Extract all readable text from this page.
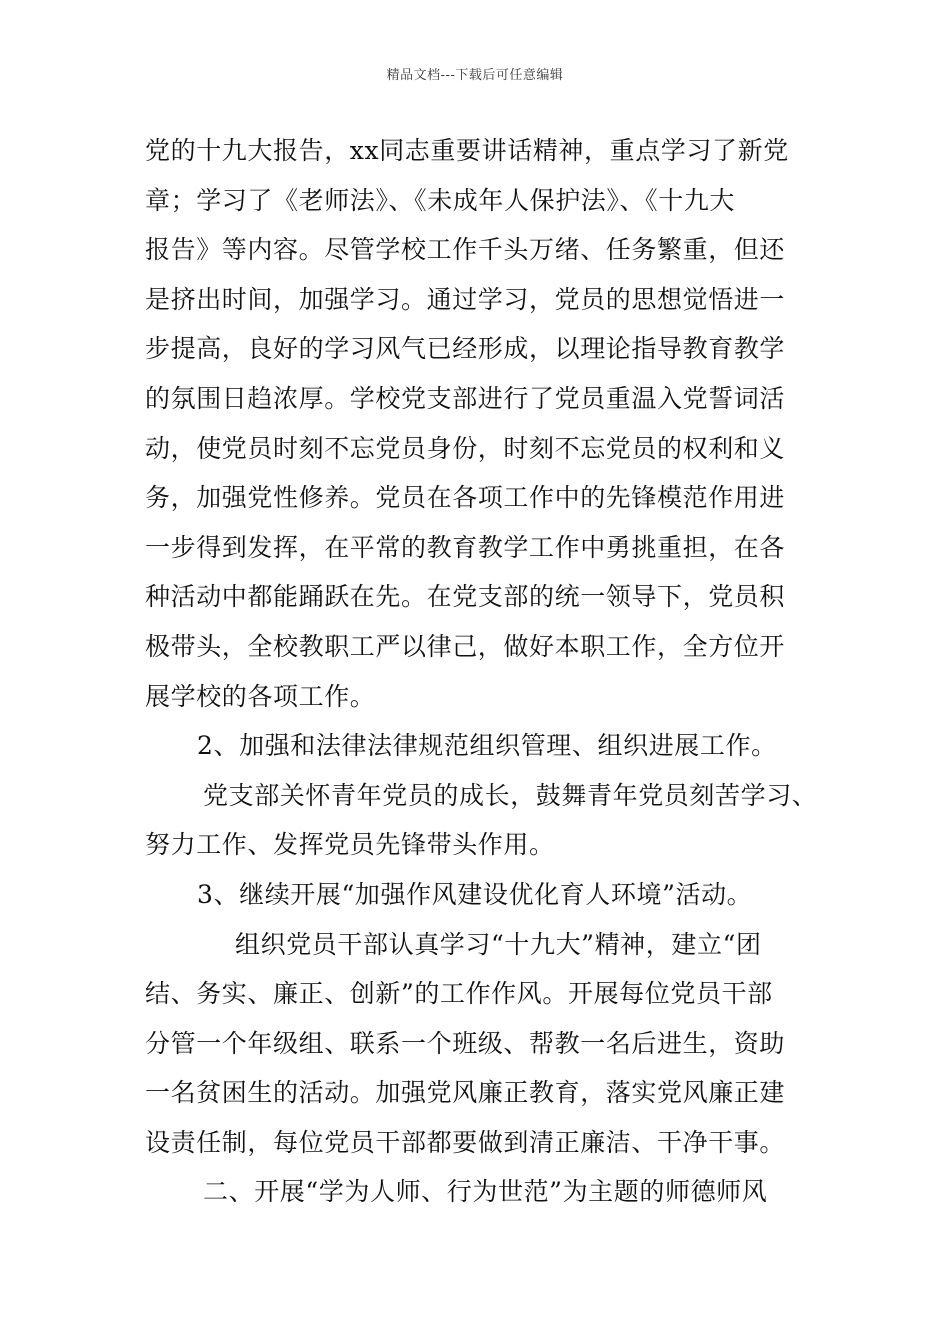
精品文档---下载后可任意编辑
党的十九大报告，xx同志重要讲话精神，重点学习了新党
章；学习了《老师法》、《未成年人保护法》、《十九大
报告》等内容。尽管学校工作千头万绪、任务繁重，但还
是挤出时间，加强学习。通过学习，党员的思想觉悟进一
步提高，良好的学习风气已经形成，以理论指导教育教学
的氛围日趋浓厚。学校党支部进行了党员重温入党誓词活
动，使党员时刻不忘党员身份，时刻不忘党员的权利和义
务，加强党性修养。党员在各项工作中的先锋模范作用进
一步得到发挥，在平常的教育教学工作中勇挑重担，在各
种活动中都能踊跃在先。在党支部的统一领导下，党员积
极带头，全校教职工严以律己，做好本职工作，全方位开
展学校的各项工作。
2、加强和法律法律规范组织管理、组织进展工作。
党支部关怀青年党员的成长，鼓舞青年党员刻苦学习、
努力工作、发挥党员先锋带头作用。
3、继续开展“加强作风建设优化育人环境”活动。
组织党员干部认真学习“十九大”精神，建立“团
结、务实、廉正、创新”的工作作风。开展每位党员干部
分管一个年级组、联系一个班级、帮教一名后进生，资助
一名贫困生的活动。加强党风廉正教育，落实党风廉正建
设责任制，每位党员干部都要做到清正廉洁、干净干事。
二、开展“学为人师、行为世范”为主题的师德师风
